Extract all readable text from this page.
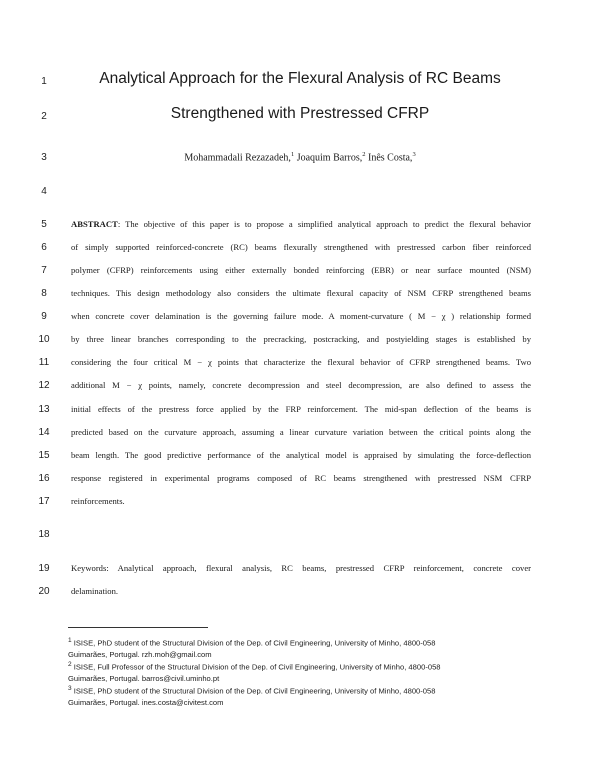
1
2
3
4
5
6
7
8
9
10
11
12
13
14
15
16
17
18
19
20
Analytical Approach for the Flexural Analysis of RC Beams
Strengthened with Prestressed CFRP
Mohammadali Rezazadeh,$^1$ Joaquim Barros,$^2$ Inês Costa,$^3$
ABSTRACT: The objective of this paper is to propose a simplified analytical approach to predict the flexural behavior
of simply supported reinforced-concrete (RC) beams flexurally strengthened with prestressed carbon fiber reinforced
polymer (CFRP) reinforcements using either externally bonded reinforcing (EBR) or near surface mounted (NSM)
techniques. This design methodology also considers the ultimate flexural capacity of NSM CFRP strengthened beams
when concrete cover delamination is the governing failure mode. A moment-curvature ( M − χ ) relationship formed
by three linear branches corresponding to the precracking, postcracking, and postyielding stages is established by
considering the four critical M − χ points that characterize the flexural behavior of CFRP strengthened beams. Two
additional M − χ points, namely, concrete decompression and steel decompression, are also defined to assess the
initial effects of the prestress force applied by the FRP reinforcement. The mid-span deflection of the beams is
predicted based on the curvature approach, assuming a linear curvature variation between the critical points along the
beam length. The good predictive performance of the analytical model is appraised by simulating the force-deflection
response registered in experimental programs composed of RC beams strengthened with prestressed NSM CFRP
reinforcements.
Keywords: Analytical approach, flexural analysis, RC beams, prestressed CFRP reinforcement, concrete cover
delamination.
$^1$ ISISE, PhD student of the Structural Division of the Dep. of Civil Engineering, University of Minho, 4800-058
Guimarães, Portugal. rzh.moh@gmail.com
$^2$ ISISE, Full Professor of the Structural Division of the Dep. of Civil Engineering, University of Minho, 4800-058
Guimarães, Portugal. barros@civil.uminho.pt
$^3$ ISISE, PhD student of the Structural Division of the Dep. of Civil Engineering, University of Minho, 4800-058
Guimarães, Portugal. ines.costa@civitest.com
